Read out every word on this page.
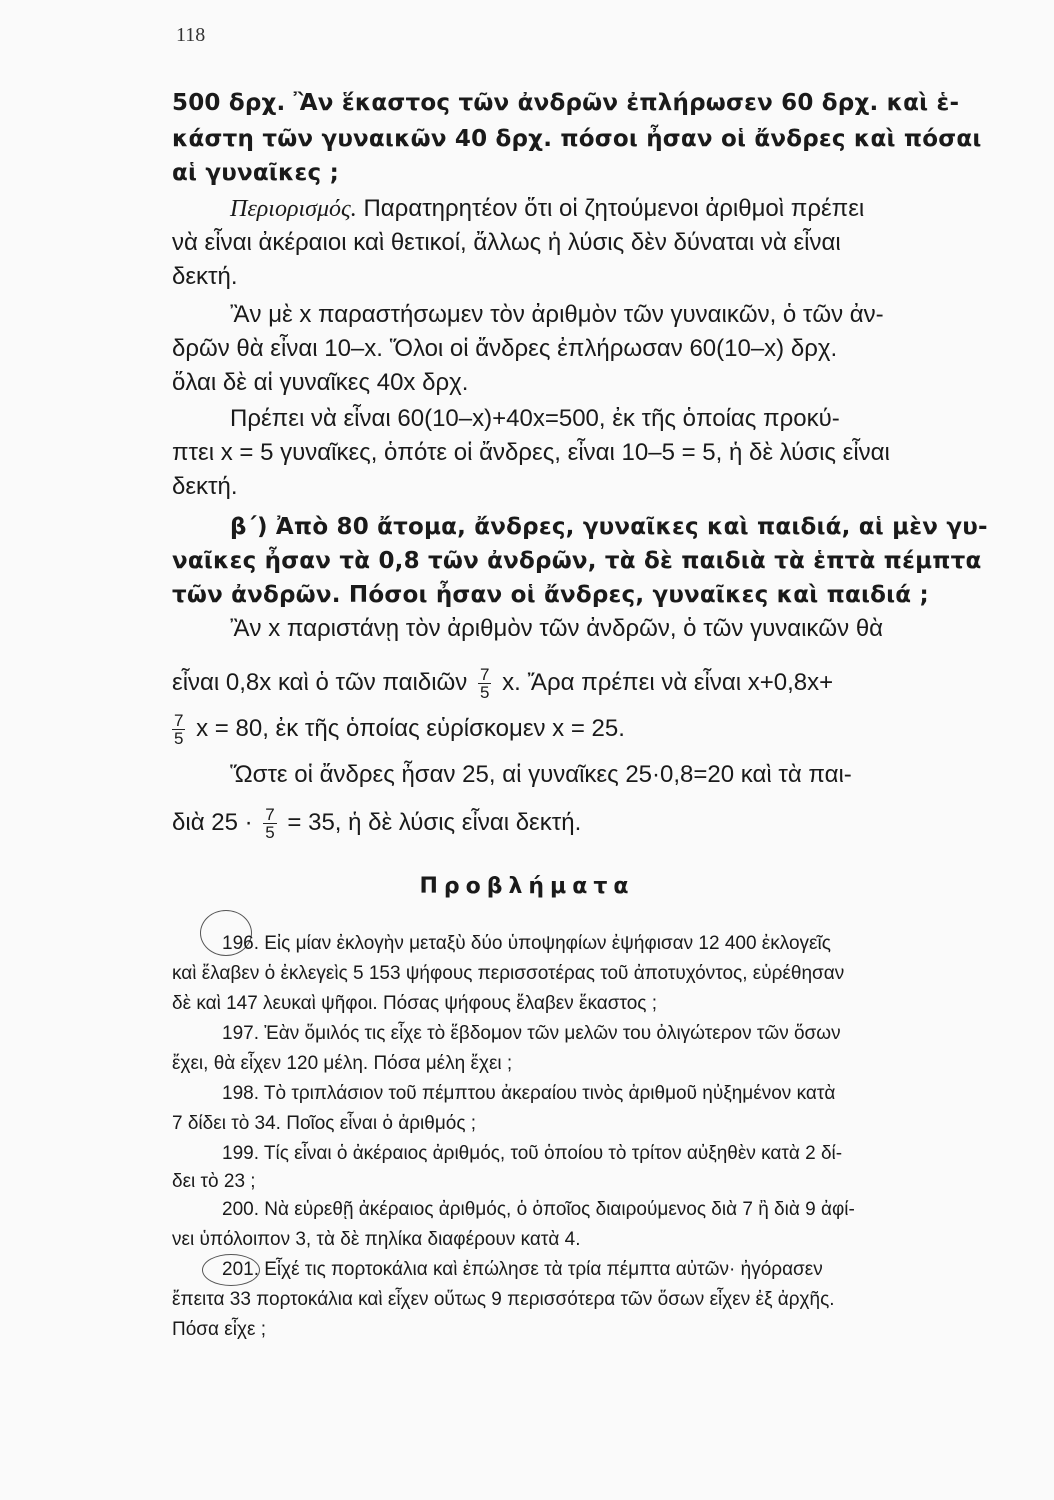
118
500 δρχ. Ἂν ἕκαστος τῶν ἀνδρῶν ἐπλήρωσεν 60 δρχ. καὶ ἑ-
κάστη τῶν γυναικῶν 40 δρχ. πόσοι ἦσαν οἱ ἄνδρες καὶ πόσαι
αἱ γυναῖκες ;
Περιορισμός. Παρατηρητέον ὅτι οἱ ζητούμενοι ἀριθμοὶ πρέπει
νὰ εἶναι ἀκέραιοι καὶ θετικοί, ἄλλως ἡ λύσις δὲν δύναται νὰ εἶναι
δεκτή.
Ἂν μὲ x παραστήσωμεν τὸν ἀριθμὸν τῶν γυναικῶν, ὁ τῶν ἀν-
δρῶν θὰ εἶναι 10–x. Ὅλοι οἱ ἄνδρες ἐπλήρωσαν 60(10–x) δρχ.
ὅλαι δὲ αἱ γυναῖκες 40x δρχ.
Πρέπει νὰ εἶναι 60(10–x)+40x=500, ἐκ τῆς ὁποίας προκύ-
πτει x = 5 γυναῖκες, ὁπότε οἱ ἄνδρες, εἶναι 10–5 = 5, ἡ δὲ λύσις εἶναι
δεκτή.
β΄) Ἀπὸ 80 ἄτομα, ἄνδρες, γυναῖκες καὶ παιδιά, αἱ μὲν γυ-
ναῖκες ἦσαν τὰ 0,8 τῶν ἀνδρῶν, τὰ δὲ παιδιὰ τὰ ἑπτὰ πέμπτα
τῶν ἀνδρῶν. Πόσοι ἦσαν οἱ ἄνδρες, γυναῖκες καὶ παιδιά ;
Ἂν x παριστάνῃ τὸν ἀριθμὸν τῶν ἀνδρῶν, ὁ τῶν γυναικῶν θὰ
εἶναι 0,8x καὶ ὁ τῶν παιδιῶν $\frac{7}{5} x$. Ἄρα πρέπει νὰ εἶναι x+0,8x+
$\frac{7}{5}$ x = 80, ἐκ τῆς ὁποίας εὑρίσκομεν x = 25.
Ὥστε οἱ ἄνδρες ἦσαν 25, αἱ γυναῖκες 25·0,8=20 καὶ τὰ παι-
διὰ $25 \cdot \frac{7}{5} = 35$, ἡ δὲ λύσις εἶναι δεκτή.
Προβλήματα
196. Εἰς μίαν ἐκλογὴν μεταξὺ δύο ὑποψηφίων ἐψήφισαν 12 400 ἐκλογεῖς
καὶ ἔλαβεν ὁ ἐκλεγεὶς 5 153 ψήφους περισσοτέρας τοῦ ἀποτυχόντος, εὑρέθησαν
δὲ καὶ 147 λευκαὶ ψῆφοι. Πόσας ψήφους ἔλαβεν ἕκαστος ;
197. Ἐὰν ὅμιλός τις εἶχε τὸ ἕβδομον τῶν μελῶν του ὀλιγώτερον τῶν ὅσων
ἔχει, θὰ εἶχεν 120 μέλη. Πόσα μέλη ἔχει ;
198. Τὸ τριπλάσιον τοῦ πέμπτου ἀκεραίου τινὸς ἀριθμοῦ ηὐξημένον κατὰ
7 δίδει τὸ 34. Ποῖος εἶναι ὁ ἀριθμός ;
199. Τίς εἶναι ὁ ἀκέραιος ἀριθμός, τοῦ ὁποίου τὸ τρίτον αὐξηθὲν κατὰ 2 δί-
δει τὸ 23 ;
200. Νὰ εὑρεθῇ ἀκέραιος ἀριθμός, ὁ ὁποῖος διαιρούμενος διὰ 7 ἢ διὰ 9 ἀφί-
νει ὑπόλοιπον 3, τὰ δὲ πηλίκα διαφέρουν κατὰ 4.
201. Εἶχέ τις πορτοκάλια καὶ ἐπώλησε τὰ τρία πέμπτα αὐτῶν· ἠγόρασεν
ἔπειτα 33 πορτοκάλια καὶ εἶχεν οὕτως 9 περισσότερα τῶν ὅσων εἶχεν ἐξ ἀρχῆς.
Πόσα εἶχε ;
